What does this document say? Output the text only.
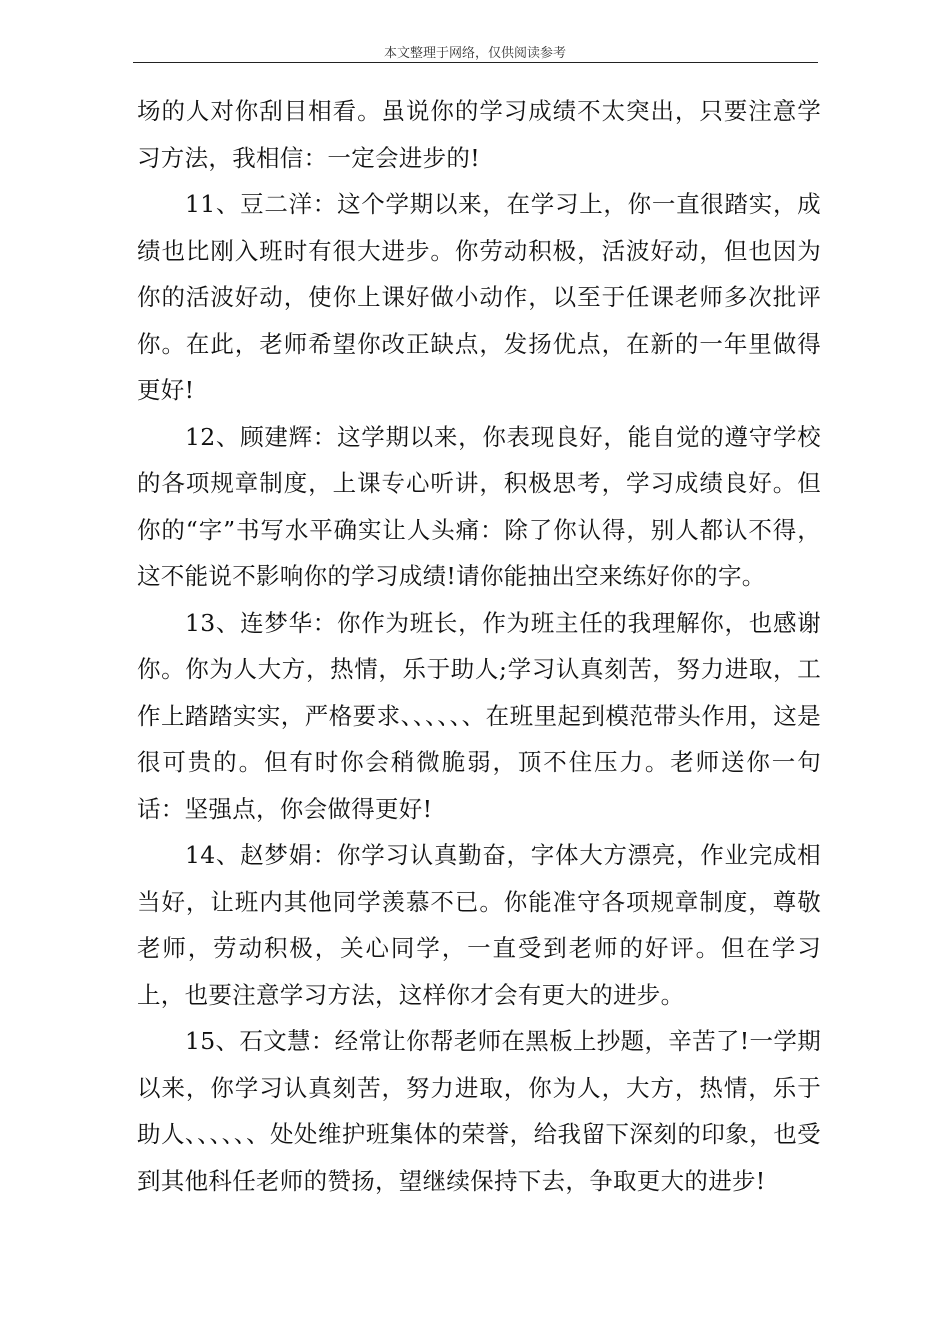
本文整理于网络，仅供阅读参考

场的人对你刮目相看。虽说你的学习成绩不太突出，只要注意学习方法，我相信：一定会进步的!

11、豆二洋：这个学期以来，在学习上，你一直很踏实，成绩也比刚入班时有很大进步。你劳动积极，活波好动，但也因为你的活波好动，使你上课好做小动作，以至于任课老师多次批评你。在此，老师希望你改正缺点，发扬优点，在新的一年里做得更好!

12、顾建辉：这学期以来，你表现良好，能自觉的遵守学校的各项规章制度，上课专心听讲，积极思考，学习成绩良好。但你的“字”书写水平确实让人头痛：除了你认得，别人都认不得，这不能说不影响你的学习成绩!请你能抽出空来练好你的字。

13、连梦华：你作为班长，作为班主任的我理解你，也感谢你。你为人大方，热情，乐于助人;学习认真刻苦，努力进取，工作上踏踏实实，严格要求、、、、、、在班里起到模范带头作用，这是很可贵的。但有时你会稍微脆弱，顶不住压力。老师送你一句话：坚强点，你会做得更好!

14、赵梦娟：你学习认真勤奋，字体大方漂亮，作业完成相当好，让班内其他同学羡慕不已。你能准守各项规章制度，尊敬老师，劳动积极，关心同学，一直受到老师的好评。但在学习上，也要注意学习方法，这样你才会有更大的进步。

15、石文慧：经常让你帮老师在黑板上抄题，辛苦了!一学期以来，你学习认真刻苦，努力进取，你为人，大方，热情，乐于助人、、、、、、处处维护班集体的荣誉，给我留下深刻的印象，也受到其他科任老师的赞扬，望继续保持下去，争取更大的进步!
